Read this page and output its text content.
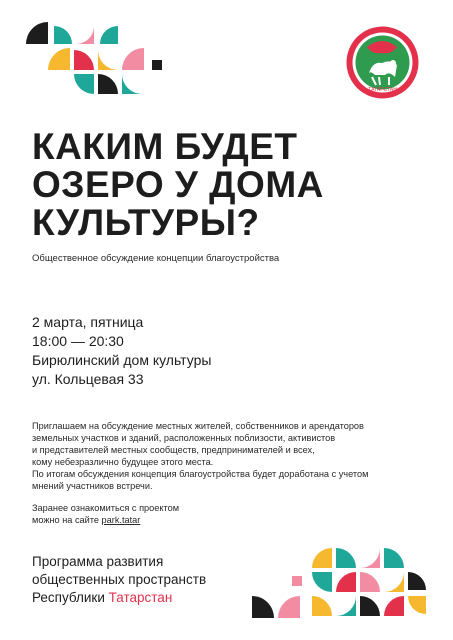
ТАТАРСТАН
КАКИМ БУДЕТ
ОЗЕРО У ДОМА
КУЛЬТУРЫ?
Общественное обсуждение концепции благоустройства
2 марта, пятница
18:00 — 20:30
Бирюлинский дом культуры
ул. Кольцевая 33
Приглашаем на обсуждение местных жителей, собственников и арендаторов
земельных участков и зданий, расположенных поблизости, активистов
и представителей местных сообществ, предпринимателей и всех,
кому небезразлично будущее этого места.
По итогам обсуждения концепция благоустройства будет доработана с учетом
мнений участников встречи.
Заранее ознакомиться с проектом
можно на сайте park.tatar
Программа развития
общественных пространств
Республики Татарстан
